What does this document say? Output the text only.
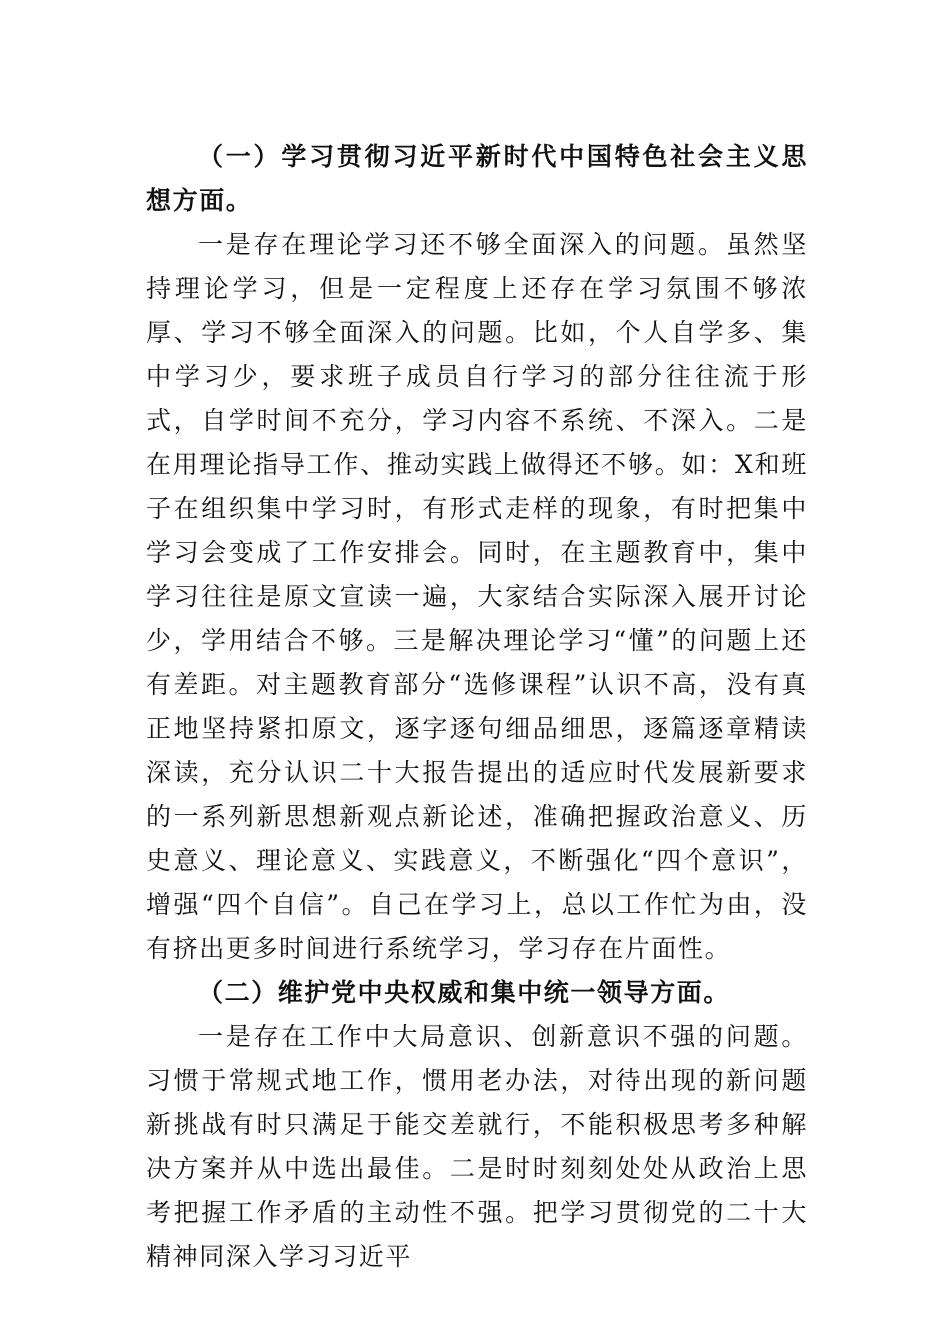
（一）学习贯彻习近平新时代中国特色社会主义思想方面。

一是存在理论学习还不够全面深入的问题。虽然坚持理论学习，但是一定程度上还存在学习氛围不够浓厚、学习不够全面深入的问题。比如，个人自学多、集中学习少，要求班子成员自行学习的部分往往流于形式，自学时间不充分，学习内容不系统、不深入。二是在用理论指导工作、推动实践上做得还不够。如：X和班子在组织集中学习时，有形式走样的现象，有时把集中学习会变成了工作安排会。同时，在主题教育中，集中学习往往是原文宣读一遍，大家结合实际深入展开讨论少，学用结合不够。三是解决理论学习“懂”的问题上还有差距。对主题教育部分“选修课程”认识不高，没有真正地坚持紧扣原文，逐字逐句细品细思，逐篇逐章精读深读，充分认识二十大报告提出的适应时代发展新要求的一系列新思想新观点新论述，准确把握政治意义、历史意义、理论意义、实践意义，不断强化“四个意识”，增强“四个自信”。自己在学习上，总以工作忙为由，没有挤出更多时间进行系统学习，学习存在片面性。

（二）维护党中央权威和集中统一领导方面。

一是存在工作中大局意识、创新意识不强的问题。习惯于常规式地工作，惯用老办法，对待出现的新问题新挑战有时只满足于能交差就行，不能积极思考多种解决方案并从中选出最佳。二是时时刻刻处处从政治上思考把握工作矛盾的主动性不强。把学习贯彻党的二十大精神同深入学习习近平
